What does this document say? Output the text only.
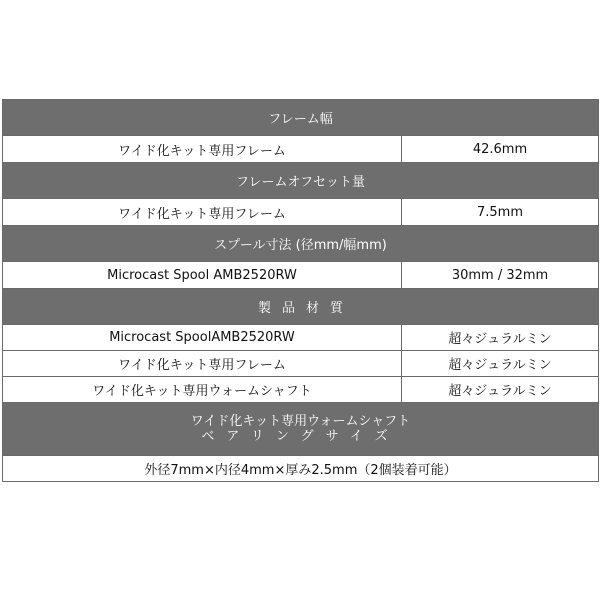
フレーム幅	
ワイド化キット専用フレーム	42.6mm
フレームオフセット量	
ワイド化キット専用フレーム	7.5mm
スプール寸法 (径mm/幅mm)	
Microcast Spool AMB2520RW	30mm / 32mm
製品材質	
Microcast SpoolAMB2520RW	超々ジュラルミン
ワイド化キット専用フレーム	超々ジュラルミン
ワイド化キット専用ウォームシャフト	超々ジュラルミン

ワイド化キット専用ウォームシャフト
ベアリングサイズ	

外径7mm×内径4mm×厚み2.5mm（2個装着可能）	
